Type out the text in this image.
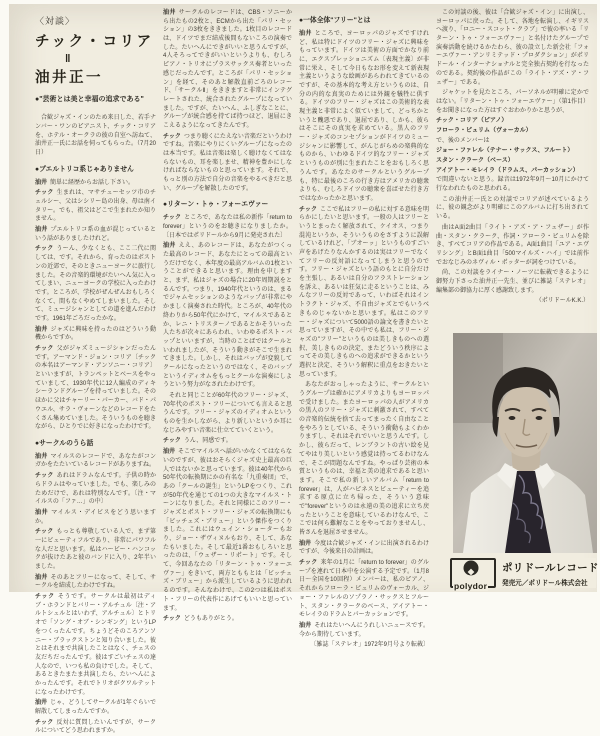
〈対談〉
チック・コリア
‖
油井正一
●"芸術とは美と幸福の追求である"
合歓ジャズ・インのため来日した、若手ナンバー・ワンのピアニスト、チック・コリアを、ホテル・オークラの彼の自室へ訪ねて、油井正一氏にお話を伺ってもらった。（7月20日）
●プエルトリコ系じゃありません
油井 簡単に経歴からお話し下さい。
チック 生まれは、マサチューセッツ市のチェルシー、父はシシリー島の出身、母は南イタリー。でも、祖父はどこで生まれたか知りません。
油井 プエルトリコ系の血が混じっているという話がありましたけれど。
チック うーん、少なくとも、ここ二代に関しては、です。それから、育ったのはボストンの近郊で、そのときニューヨークに旅行しました。その音楽的環境がたいへん気に入ってしまい、ニューヨークの学校に入ったわけです。ところが、学校がぜんぜんおもしろくなくて、間もなくやめてしまいました。そして、ミュージシャンとしての道を進んだわけです。1961年ごろだったかな。
油井 ジャズに興味を持ったのはどういう動機からですか。
チック 父がジャズミュージシャンだったんです。アーマンド・ジョン・コリア〔チックの本名はアーマンド・アンソニー・コリア〕といいますが、トランペットとベースをやっていまして、1930年代に12人編成のディキシーランドグループを持っていました。そのほかに父はチャーリー・パーカー、バド・パウエル、サラ・ヴォーンなどのレコードをたくさん集めていました。そういうものを聴きながら、ひとりでに好きになったわけです。
●サークルのうら話
油井 マイルスのレコードで、あなたがコンガかをたたいているレコードがありますね。
チック あれはドラムなんです。子供の時からドラムはやっていました。でも、楽しみのためだけで、あれは特別なんです。〔注・マイルスの「ファ…」の中〕
油井 マイルス・デイビスをどう思いますか。
チック もっとも尊敬している人で、まず第一にビューティフルであり、非常にパワフルな人だと思います。私はハービー・ハンコックが抜けたあと彼のバンドに入り、2年半いました。
油井 そのあとフリーになって、そして、サークルを結成したわけですね。
チック そうです。サークルは最初はディブ・ホランドとバリー・アルチュル〔注・アルトシュルとはいわず、アルチュル〕とトリオで「ソング・オブ・シンギング」というLPをつくったんです。ちょうどそのころアンソニー・ブラックストンと知り合いました。彼とはそれまで共演したことはなく、チェスの友だちだったんです。彼はすごいチェスの達人なので、いつも私の負けでした。そして、あるときたまたま共演したら、たいへんによかったんです。それでトリオがクワルテットになったわけです。
油井 じゃ、どうしてサークルが1年ぐらいで解散してしまったんですか。
チック 反対に質問したいんですが、サークルについてどう思われますか。
油井 サークルのレコードは、CBS・ソニーから出たもの2枚と、ECMから出た「パリ・セッション」の3枚をききました。1枚目のレコードは、ドイツでまだ結成後間もないころの演奏でした。たいへんにできがいいと思うんですが、4人そろってできがいいというよりも、むしろピアノ・トリオにプラスサックス奏者といった感じだったんです。ところが「パリ・セッション」を経て、そのあと解散直前ごろのレコード、「サークルⅡ」をききますと非常にインテグレートされた、統合されたグループになっていました。ですが、たいへん、ふしぎなことに、グループが統合感を持てば持つほど、退屈にきこえるようになってきたんです。
チック つまり聴くにたえない音楽だというわけですね。音楽にやりにくいグループになったのは本当です。私は音楽は楽しく聴けなくてはならないもの、耳を楽しませ、精神を豊かにしなければならないものと思っています。それで、もっと別の方法で自分の音楽をやるべきだと思い、グループを解散したのです。
●リターン・トゥ・フォーエヴァー
チック ところで、あなたは私の新作「return to forever」というのをお聴きになりましたか。〔日本ではポリドールから9月に発売された〕
油井 ええ、あのレコードは、あなたがつくった最高のレコード、あなたにとっての最高というだけでなく、本年度の最高アルバムの1枚ということができると思います。理由を申しますと、まず、私はジャズの場合に20年周期説をとるんです。つまり、1940年代というのは、まるでジャムセッションのようなバップが非常にやかましく演奏された時代。ところが、40年代の終わりから50年代にかけて、マイルスであるとか、レニ・トリスターノであるとかそういった人たちが次々にあらわれ、いわゆるポスト・バップといいますが、当時のことばではクールといわれましたが、そういう動きがそこで生まれてきました。しかし、それはバップが変貌してクールになったというのではなく、そのバップというイディオムをもっとクールな演奏にしようという努力がなされたわけです。
それと同じことが60年代のフリー・ジャズ、70年代のポスト・フリーについても言えると思うんです。フリー・ジャズのイディオムというものを生かしながら、より新しいというか耳になじみやすい音楽に仕立てていくという。
チック うん、同感です。
油井 そこでマイルスへ話がいかなくてはならないのですが、彼はおそらくジャズ史上最高の巨人ではないかと思っています。彼は40年代から50年代の転換期にかの有名な「九重奏団」で、あの「クールの誕生」というLPをつくり、これが50年代を通じての1つの大きなマイルス・トーンになりました。それと同様にこのフリー・ジャズとポスト・フリー・ジャズの転換期にも「ビッチェズ・ブリュー」という傑作をつくりました。これにはウェイン・ショーターもおり、ジョー・ザヴィヌルもおり、そして、あなたもいました。そして最近1番おもしろいと思ったのは、「ウェザー・リポート」です。そして、今回あなたの「リターン・トゥ・フォーエヴァー」をきいて、両方とももとは「ビッチェズ・ブリュー」から派生しているように思われるのです。そんなわけで、この2つは私はポスト・フリーの代表作にあげてもいいと思っています。
チック どうもありがとう。
●一体全体"フリー"とは
油井 ところで、ヨーロッパのジャズですけれど、私は特にドイツのフリー・ジャズに興味をもっています。ドイツは美術の方面でかなり前に、エクスプレッショニズム〔表現主義〕が非常に栄え、そして今日もなお形を変えて新表現主義というような絵画があらわれてきているのですが、その基本的な考え方というものは、自分の内的な真実のためには外観を犠牲に供する。ドイツのフリー・ジャズはこの美術的な表現主義と非常によく似ていまして、どっちかというと醜悪であり、退屈であり、しかも、彼らはそこにその真実を求めている。黒人のフリー・ジャズのコンセプションがドイツのミュージシャンに影響して、がんじがらめの楽典的なものから、いわゆるドイツ的なフリー・ジャズというものが別に生まれたことをおもしろく思うんです。あなたのサークルというグループも、特に最後のころの行き方はアメリカの聴衆よりも、むしろドイツの聴衆を喜ばせた行き方ではなかったかと思います。
チック ここで私はフリーの私に対する意味を明らかにしたいと思います。一般の人はフリーというとまったく解放されて、ケイオス、つまり混沌というか、そういうものをさすように誤解しているけれど、「ブオーッ」というものすごい声をあげたりなんかするのは実はフリーでなくてフリーの反対語になってしまうと思うのです。フリー・ジャズという語のもとに自分だけを主張し、あるいは自分のフラストレーションを訴え、あるいは狂気に走るということは、みんなフリーの反対であって、いわばそれはイントラクト・ジャズ、不自由ジャズとでもいうべきものじゃないかと思います。私はこのフリー・ジャズについて5000語の論文を書きたいと思っていますが、その中でも私は、フリー・ジャズの"フリー"というものは美しきものへの選択、美しきものの決定、またどういう秩序によってその美しきものへの追求ができるかという選択と決定、そういう解釈に重点をおきたいと思っています。
あなたがおっしゃったように、サークルというグループは確かにアメリカよりもヨーロッパで受けました。またヨーロッパの人がアメリカの黒人のフリー・ジャズに刺激されて、すべての音楽的伝統を捨て去ってまったく自由なことをやろうとしている、そういう衝動もよくわかりますし、それはそれでいいと思うんです。しかし、彼らだって、レンブラントの古い絵を見てやはり美しいという感覚は持ってるわけなんで、そこが問題なんですね。やっぱり芸術の本質というものは、幸福と美の追求であると思います。そこで私の新しいアルバム「return to forever」は、人がハピネスとビューティーを追求する原点に立ち帰った、そういう意味で"forever"というのは永遠の美の追求に立ち戻ったということを意味しているわけなんで、ここでは何ら難解なことをやっておりませんし、皆さんを退屈させません。
油井 今度は合歓ジャズ・インに出演されるわけですが、今後来日の計画は。
チック 来年の1月に「return to forever」のグループを連れて日本中を公演する予定です。（1月8日～全国を10回程）メンバーは、私のピアノ、それからフローラ・ピュリムのヴォーカル、ジョー・ファレルのソプラノ・サックスとフルート、スタン・クラークのベース、アイアトー・モレイラのドラムとパーカッションです。
油井 それはたいへんにうれしいニュースです。今から期待しています。
〔雑誌「ステレオ」1972年9月号より転載〕
この対談の後、彼は「合歓ジャズ・イン」に出演し、ヨーロッパに戻った。そして、各地を転演し、イギリスへ渡り、「ロニー・スコット・クラブ」で彼の率いる「リターン・トゥ・フォーエヴァー」と名付けたグループで演奏活動を続けるかたわら、彼の設立した新会社「フォーエヴァー・アンリミテッド・プロダクション」がポリドール・インターナショナルと完全独占契約を行なったのである。契約後の作品がこの「ライト・アズ・ア・フェザー」である。
ジャケットを見たところ、パーソネルが明確に定かではない。「リターン・トゥ・フォーエヴァー」（第1作目）をお聞きになった方はすぐおわかりかと思うが、
チック・コリア（ピアノ）
フローラ・ピュリム（ヴォーカル）
で、後のメンバーは
ジョー・ファレル（テナー・サックス、フルート）
スタン・クラーク（ベース）
アイアトー・モレイラ（ドラムス、パーカッション）
で間違いないと思う。録音は1972年9月～10月にかけて行なわれたものと思われる。
この油井正一氏との対談でコリアが述べているように、彼の観念がより明確にこのアルバムに打ち出されている。
曲はA面2曲目「ライト・アズ・ア・フェザー」が作曲・スタン・クラーク、作詞・フローラ・ピュリムを除き、すべてコリアの作品である。A面1曲目「ユア・エヴリシング」とB面1曲目「500マイルズ・ハイ」では前作でおなじみのネヴィル・ポッターが詞をつけている。
尚、この対談をライナー・ノーツに転載できるように御努力下さった油井正一先生、並びに雑誌「ステレオ」編集部の御協力に厚く感謝致します。
（ポリドールK.K.）
polydor
ポリドールレコード
発売元／ポリドール株式会社
